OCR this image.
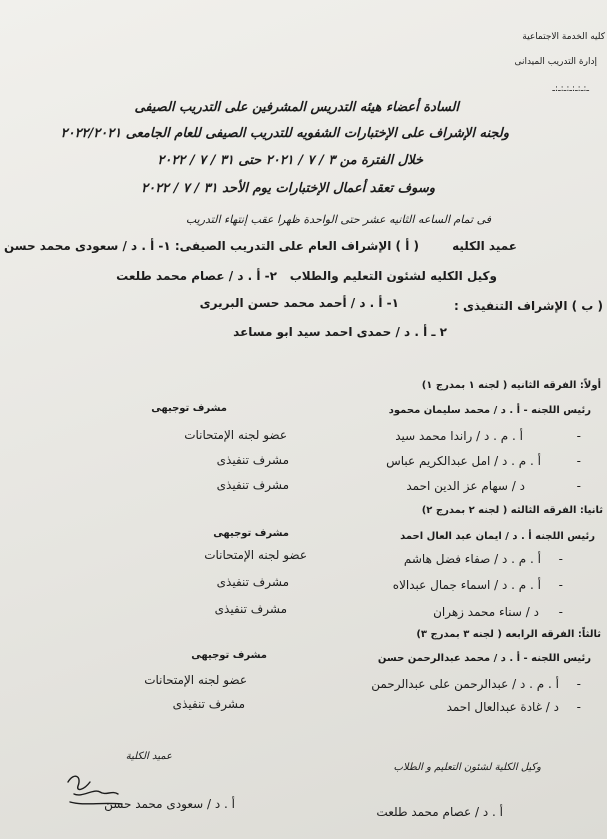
كليه الخدمة الاجتماعية
إدارة التدريب الميدانى
ـ:ـ:ـ:ـ:ـ:ـ:ـ
السادة أعضاء هيئه التدريس المشرفين على التدريب الصيفى
ولجنه الإشراف على الإختبارات الشفويه للتدريب الصيفى للعام الجامعى ٢٠٢٢/٢٠٢١
خلال الفترة من ٣ / ٧ / ٢٠٢١ حتى ٣١ / ٧ / ٢٠٢٢
وسوف تعقد أعمال الإختبارات يوم الأحد ٣١ / ٧ / ٢٠٢٢
فى تمام الساعه الثانيه عشر حتى الواحدة ظهرا عقب إنتهاء التدريب
( أ ) الإشراف العام على التدريب الصيفى: ١- أ . د / سعودى محمد حسن	عميد الكليه
٢- أ . د / عصام محمد طلعت وكيل الكليه لشئون التعليم والطلاب
( ب ) الإشراف التنفيذى :
١- أ . د / أحمد محمد حسن البريرى
٢ ـ أ . د / حمدى احمد سيد ابو مساعد
أولاً: الفرقه الثانيه ( لجنه ١ بمدرج ١)
رئيس اللجنه - أ . د / محمد سليمان محمود
مشرف توجيهى
-
أ . م . د / راندا محمد سيد
عضو لجنه الإمتحانات
-
أ . م . د / امل عبدالكريم عباس
مشرف تنفيذى
-
د / سهام عز الدين احمد
مشرف تنفيذى
ثانيا: الفرقه الثالثه ( لجنه ٢ بمدرج ٢)
رئيس اللجنه أ . د / ايمان عبد العال احمد
مشرف توجيهى
-
أ . م . د / صفاء فضل هاشم
عضو لجنه الإمتحانات
-
أ . م . د / اسماء جمال عبدالاه
مشرف تنفيذى
-
د / سناء محمد زهران
مشرف تنفيذى
ثالثاً: الفرقه الرابعه ( لجنه ٣ بمدرج ٣)
رئيس اللجنه - أ . د / محمد عبدالرحمن حسن
مشرف توجيهى
-
أ . م . د / عبدالرحمن على عبدالرحمن
عضو لجنه الإمتحانات
-
د / غادة عبدالعال احمد
مشرف تنفيذى
وكيل الكلية لشئون التعليم و الطلاب
أ . د / عصام محمد طلعت
عميد الكلية
أ . د / سعودى محمد حسن
